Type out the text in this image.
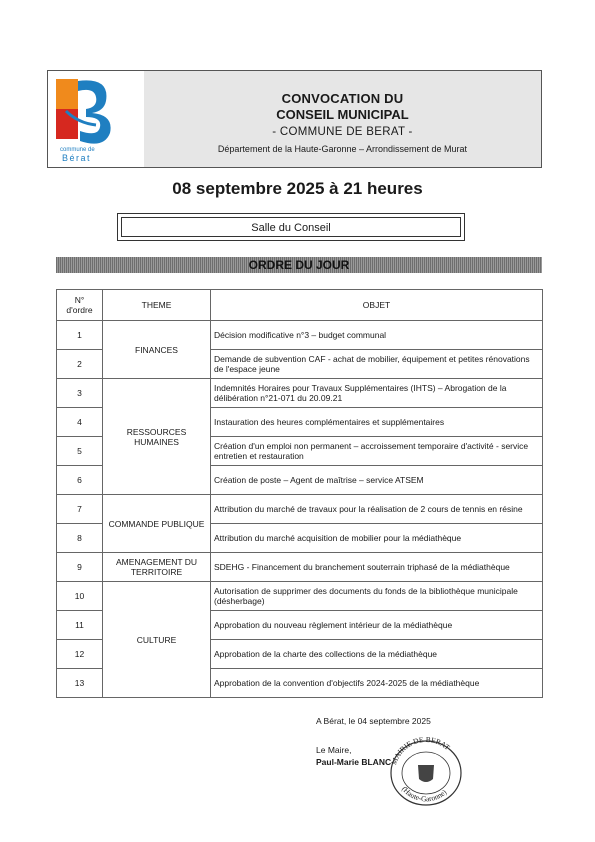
commune de
Bérat
CONVOCATION DU
CONSEIL MUNICIPAL
- COMMUNE DE BERAT -
Département de la Haute-Garonne – Arrondissement de Murat
08 septembre 2025 à 21 heures
Salle du Conseil
ORDRE DU JOUR
N°
d'ordre	THEME	OBJET
1	FINANCES	Décision modificative n°3 – budget communal
2		Demande de subvention CAF - achat de mobilier, équipement et petites rénovations de l'espace jeune
3	RESSOURCES HUMAINES	Indemnités Horaires pour Travaux Supplémentaires (IHTS) – Abrogation de la délibération n°21-071 du 20.09.21
4		Instauration des heures complémentaires et supplémentaires
5		Création d'un emploi non permanent – accroissement temporaire d'activité - service entretien et restauration
6		Création de poste – Agent de maîtrise – service ATSEM
7	COMMANDE PUBLIQUE	Attribution du marché de travaux pour la réalisation de 2 cours de tennis en résine
8		Attribution du marché acquisition de mobilier pour la médiathèque
9	AMENAGEMENT DU TERRITOIRE	SDEHG - Financement du branchement souterrain triphasé de la médiathèque
10	CULTURE	Autorisation de supprimer des documents du fonds de la bibliothèque municipale (désherbage)
11		Approbation du nouveau règlement intérieur de la médiathèque
12		Approbation de la charte des collections de la médiathèque
13		Approbation de la convention d'objectifs 2024-2025 de la médiathèque
A Bérat, le 04 septembre 2025
Le Maire,
Paul-Marie BLANC
MAIRIE DE BERAT
(Haute-Garonne)
